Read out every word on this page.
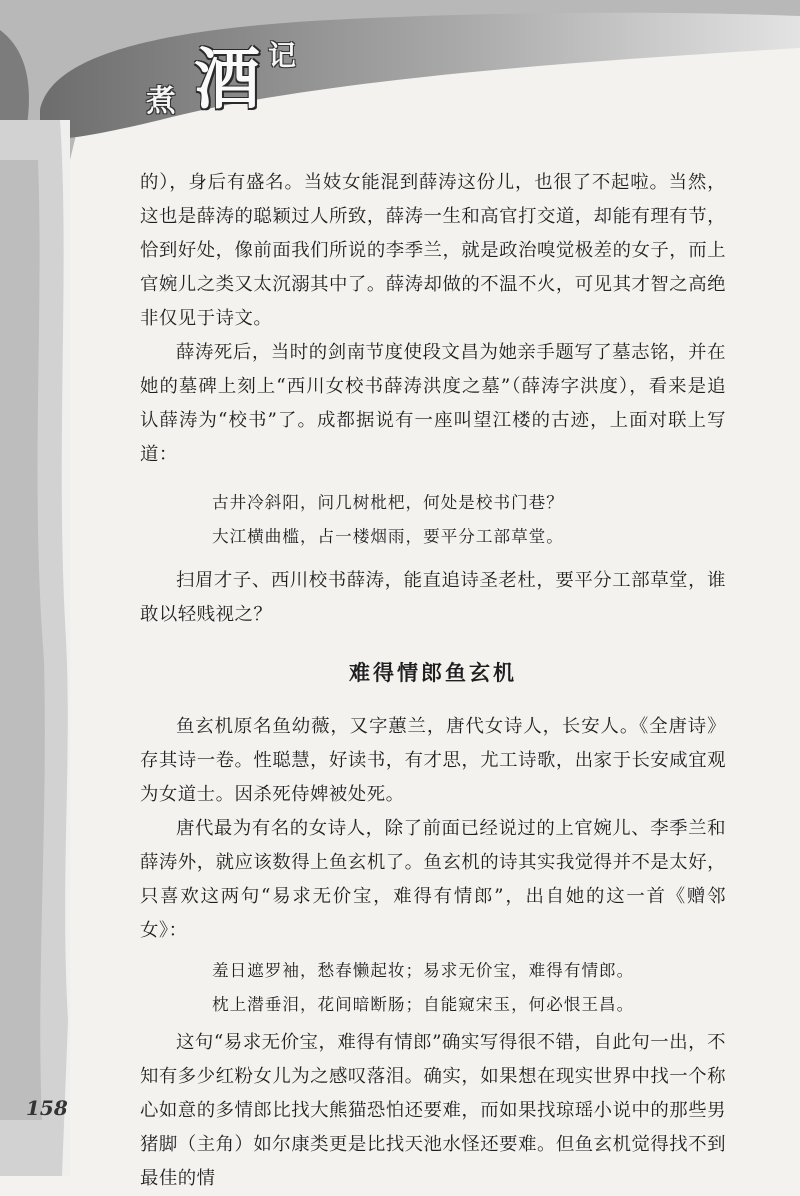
煮 酒 记

的），身后有盛名。当妓女能混到薛涛这份儿，也很了不起啦。当然，这也是薛涛的聪颖过人所致，薛涛一生和高官打交道，却能有理有节，恰到好处，像前面我们所说的李季兰，就是政治嗅觉极差的女子，而上官婉儿之类又太沉溺其中了。薛涛却做的不温不火，可见其才智之高绝非仅见于诗文。

薛涛死后，当时的剑南节度使段文昌为她亲手题写了墓志铭，并在她的墓碑上刻上“西川女校书薛涛洪度之墓”（薛涛字洪度），看来是追认薛涛为“校书”了。成都据说有一座叫望江楼的古迹，上面对联上写道：

古井冷斜阳，问几树枇杷，何处是校书门巷？
大江横曲槛，占一楼烟雨，要平分工部草堂。

扫眉才子、西川校书薛涛，能直追诗圣老杜，要平分工部草堂，谁敢以轻贱视之？

难得情郎鱼玄机

鱼玄机原名鱼幼薇，又字蕙兰，唐代女诗人，长安人。《全唐诗》存其诗一卷。性聪慧，好读书，有才思，尤工诗歌，出家于长安咸宜观为女道士。因杀死侍婢被处死。

唐代最为有名的女诗人，除了前面已经说过的上官婉儿、李季兰和薛涛外，就应该数得上鱼玄机了。鱼玄机的诗其实我觉得并不是太好，只喜欢这两句“易求无价宝，难得有情郎”，出自她的这一首《赠邻女》：

羞日遮罗袖，愁春懒起妆；易求无价宝，难得有情郎。
枕上潜垂泪，花间暗断肠；自能窥宋玉，何必恨王昌。

这句“易求无价宝，难得有情郎”确实写得很不错，自此句一出，不知有多少红粉女儿为之感叹落泪。确实，如果想在现实世界中找一个称心如意的多情郎比找大熊猫恐怕还要难，而如果找琼瑶小说中的那些男猪脚（主角）如尔康类更是比找天池水怪还要难。但鱼玄机觉得找不到最佳的情

158
